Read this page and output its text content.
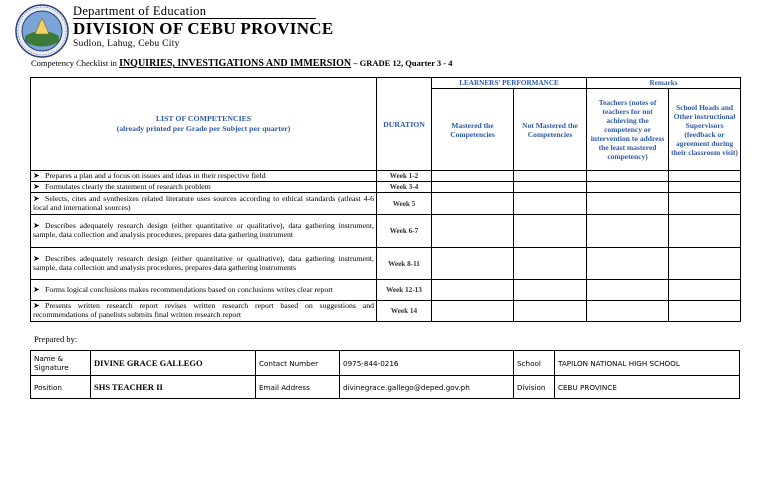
Department of Education
DIVISION OF CEBU PROVINCE
Sudlon, Lahug, Cebu City
Competency Checklist in INQUIRIES, INVESTIGATIONS AND IMMERSION – GRADE 12, Quarter 3 - 4
LIST OF COMPETENCIES
(already printed per Grade per Subject per quarter)	DURATION	LEARNERS' PERFORMANCE		Remarks	
		Mastered the Competencies	Not Mastered the Competencies	Teachers (notes of teachers for not achieving the competency or intervention to address the least mastered competency)	School Heads and Other instructional Supervisors (feedback or agreement during their classroom visit)
➤ Prepares a plan and a focus on issues and ideas in their respective field	Week 1-2				
➤ Formulates clearly the statement of research problem	Week 3-4				
➤ Selects, cites and synthesizes related literature uses sources according to ethical standards (atleast 4-6 local and international sources)	Week 5				
➤ Describes adequately research design (either quantitative or qualitative), data gathering instrument, sample, data collection and analysis procedures, prepares data gathering instrument	Week 6-7				
➤ Describes adequately research design (either quantitative or qualitative), data gathering instrument, sample, data collection and analysis procedures, prepares data gathering instruments	Week 8-11				
➤ Forms logical conclusions makes recommendations based on conclusions writes clear report	Week 12-13				
➤ Presents written research report revises written research report based on suggestions and recommendations of panelists submits final written research report	Week 14				
Prepared by:
Name & Signature	DIVINE GRACE GALLEGO	Contact Number	0975-844-0216	School	TAPILON NATIONAL HIGH SCHOOL
Position	SHS TEACHER II	Email Address	divinegrace.gallego@deped.gov.ph	Division	CEBU PROVINCE
